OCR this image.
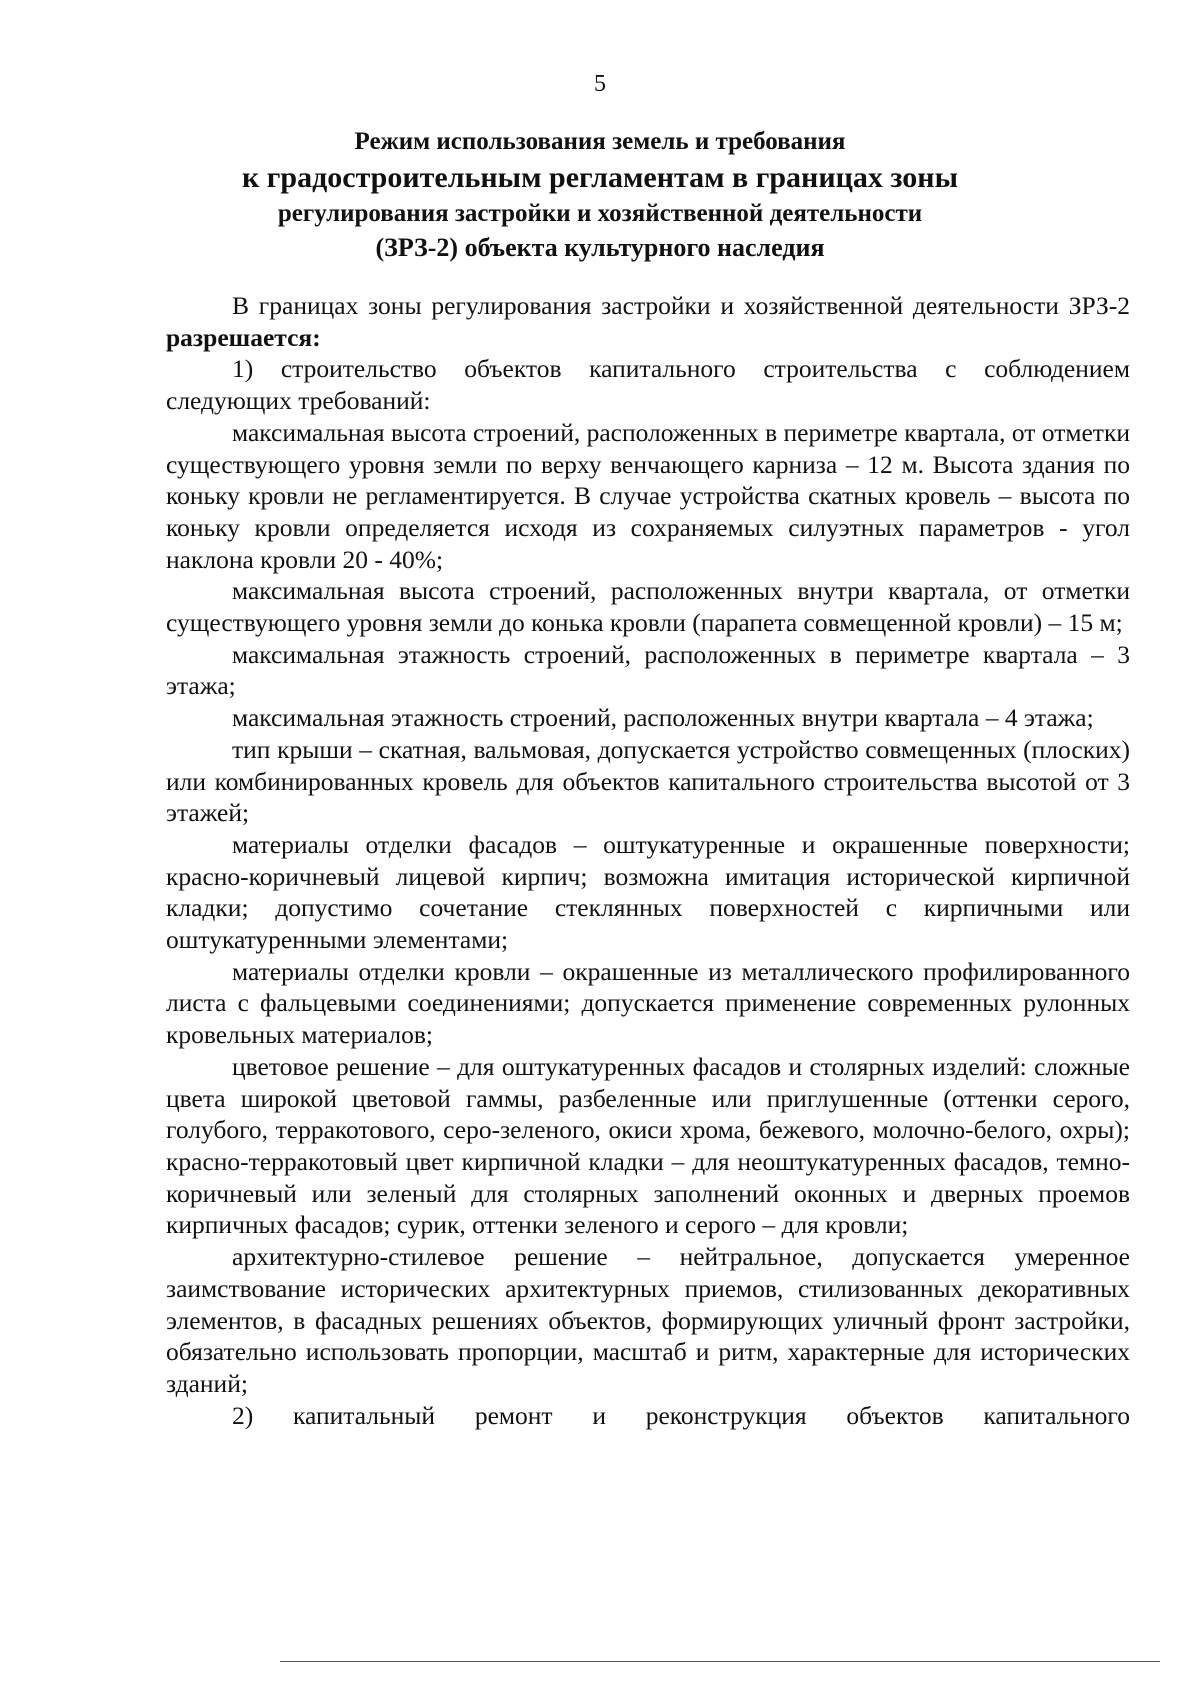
5
Режим использования земель и требования
к градостроительным регламентам в границах зоны
регулирования застройки и хозяйственной деятельности
(ЗРЗ-2) объекта культурного наследия

В границах зоны регулирования застройки и хозяйственной деятельности ЗРЗ-2 разрешается:

1) строительство объектов капитального строительства с соблюдением следующих требований:

максимальная высота строений, расположенных в периметре квартала, от отметки существующего уровня земли по верху венчающего карниза – 12 м. Высота здания по коньку кровли не регламентируется. В случае устройства скатных кровель – высота по коньку кровли определяется исходя из сохраняемых силуэтных параметров - угол наклона кровли 20 - 40%;

максимальная высота строений, расположенных внутри квартала, от отметки существующего уровня земли до конька кровли (парапета совмещенной кровли) – 15 м;

максимальная этажность строений, расположенных в периметре квартала – 3 этажа;

максимальная этажность строений, расположенных внутри квартала – 4 этажа;

тип крыши – скатная, вальмовая, допускается устройство совмещенных (плоских) или комбинированных кровель для объектов капитального строительства высотой от 3 этажей;

материалы отделки фасадов – оштукатуренные и окрашенные поверхности; красно-коричневый лицевой кирпич; возможна имитация исторической кирпичной кладки; допустимо сочетание стеклянных поверхностей с кирпичными или оштукатуренными элементами;

материалы отделки кровли – окрашенные из металлического профилированного листа с фальцевыми соединениями; допускается применение современных рулонных кровельных материалов;

цветовое решение – для оштукатуренных фасадов и столярных изделий: сложные цвета широкой цветовой гаммы, разбеленные или приглушенные (оттенки серого, голубого, терракотового, серо-зеленого, окиси хрома, бежевого, молочно-белого, охры); красно-терракотовый цвет кирпичной кладки – для неоштукатуренных фасадов, темно-коричневый или зеленый для столярных заполнений оконных и дверных проемов кирпичных фасадов; сурик, оттенки зеленого и серого – для кровли;

архитектурно-стилевое решение – нейтральное, допускается умеренное заимствование исторических архитектурных приемов, стилизованных декоративных элементов, в фасадных решениях объектов, формирующих уличный фронт застройки, обязательно использовать пропорции, масштаб и ритм, характерные для исторических зданий;

2) капитальный ремонт и реконструкция объектов капитального
